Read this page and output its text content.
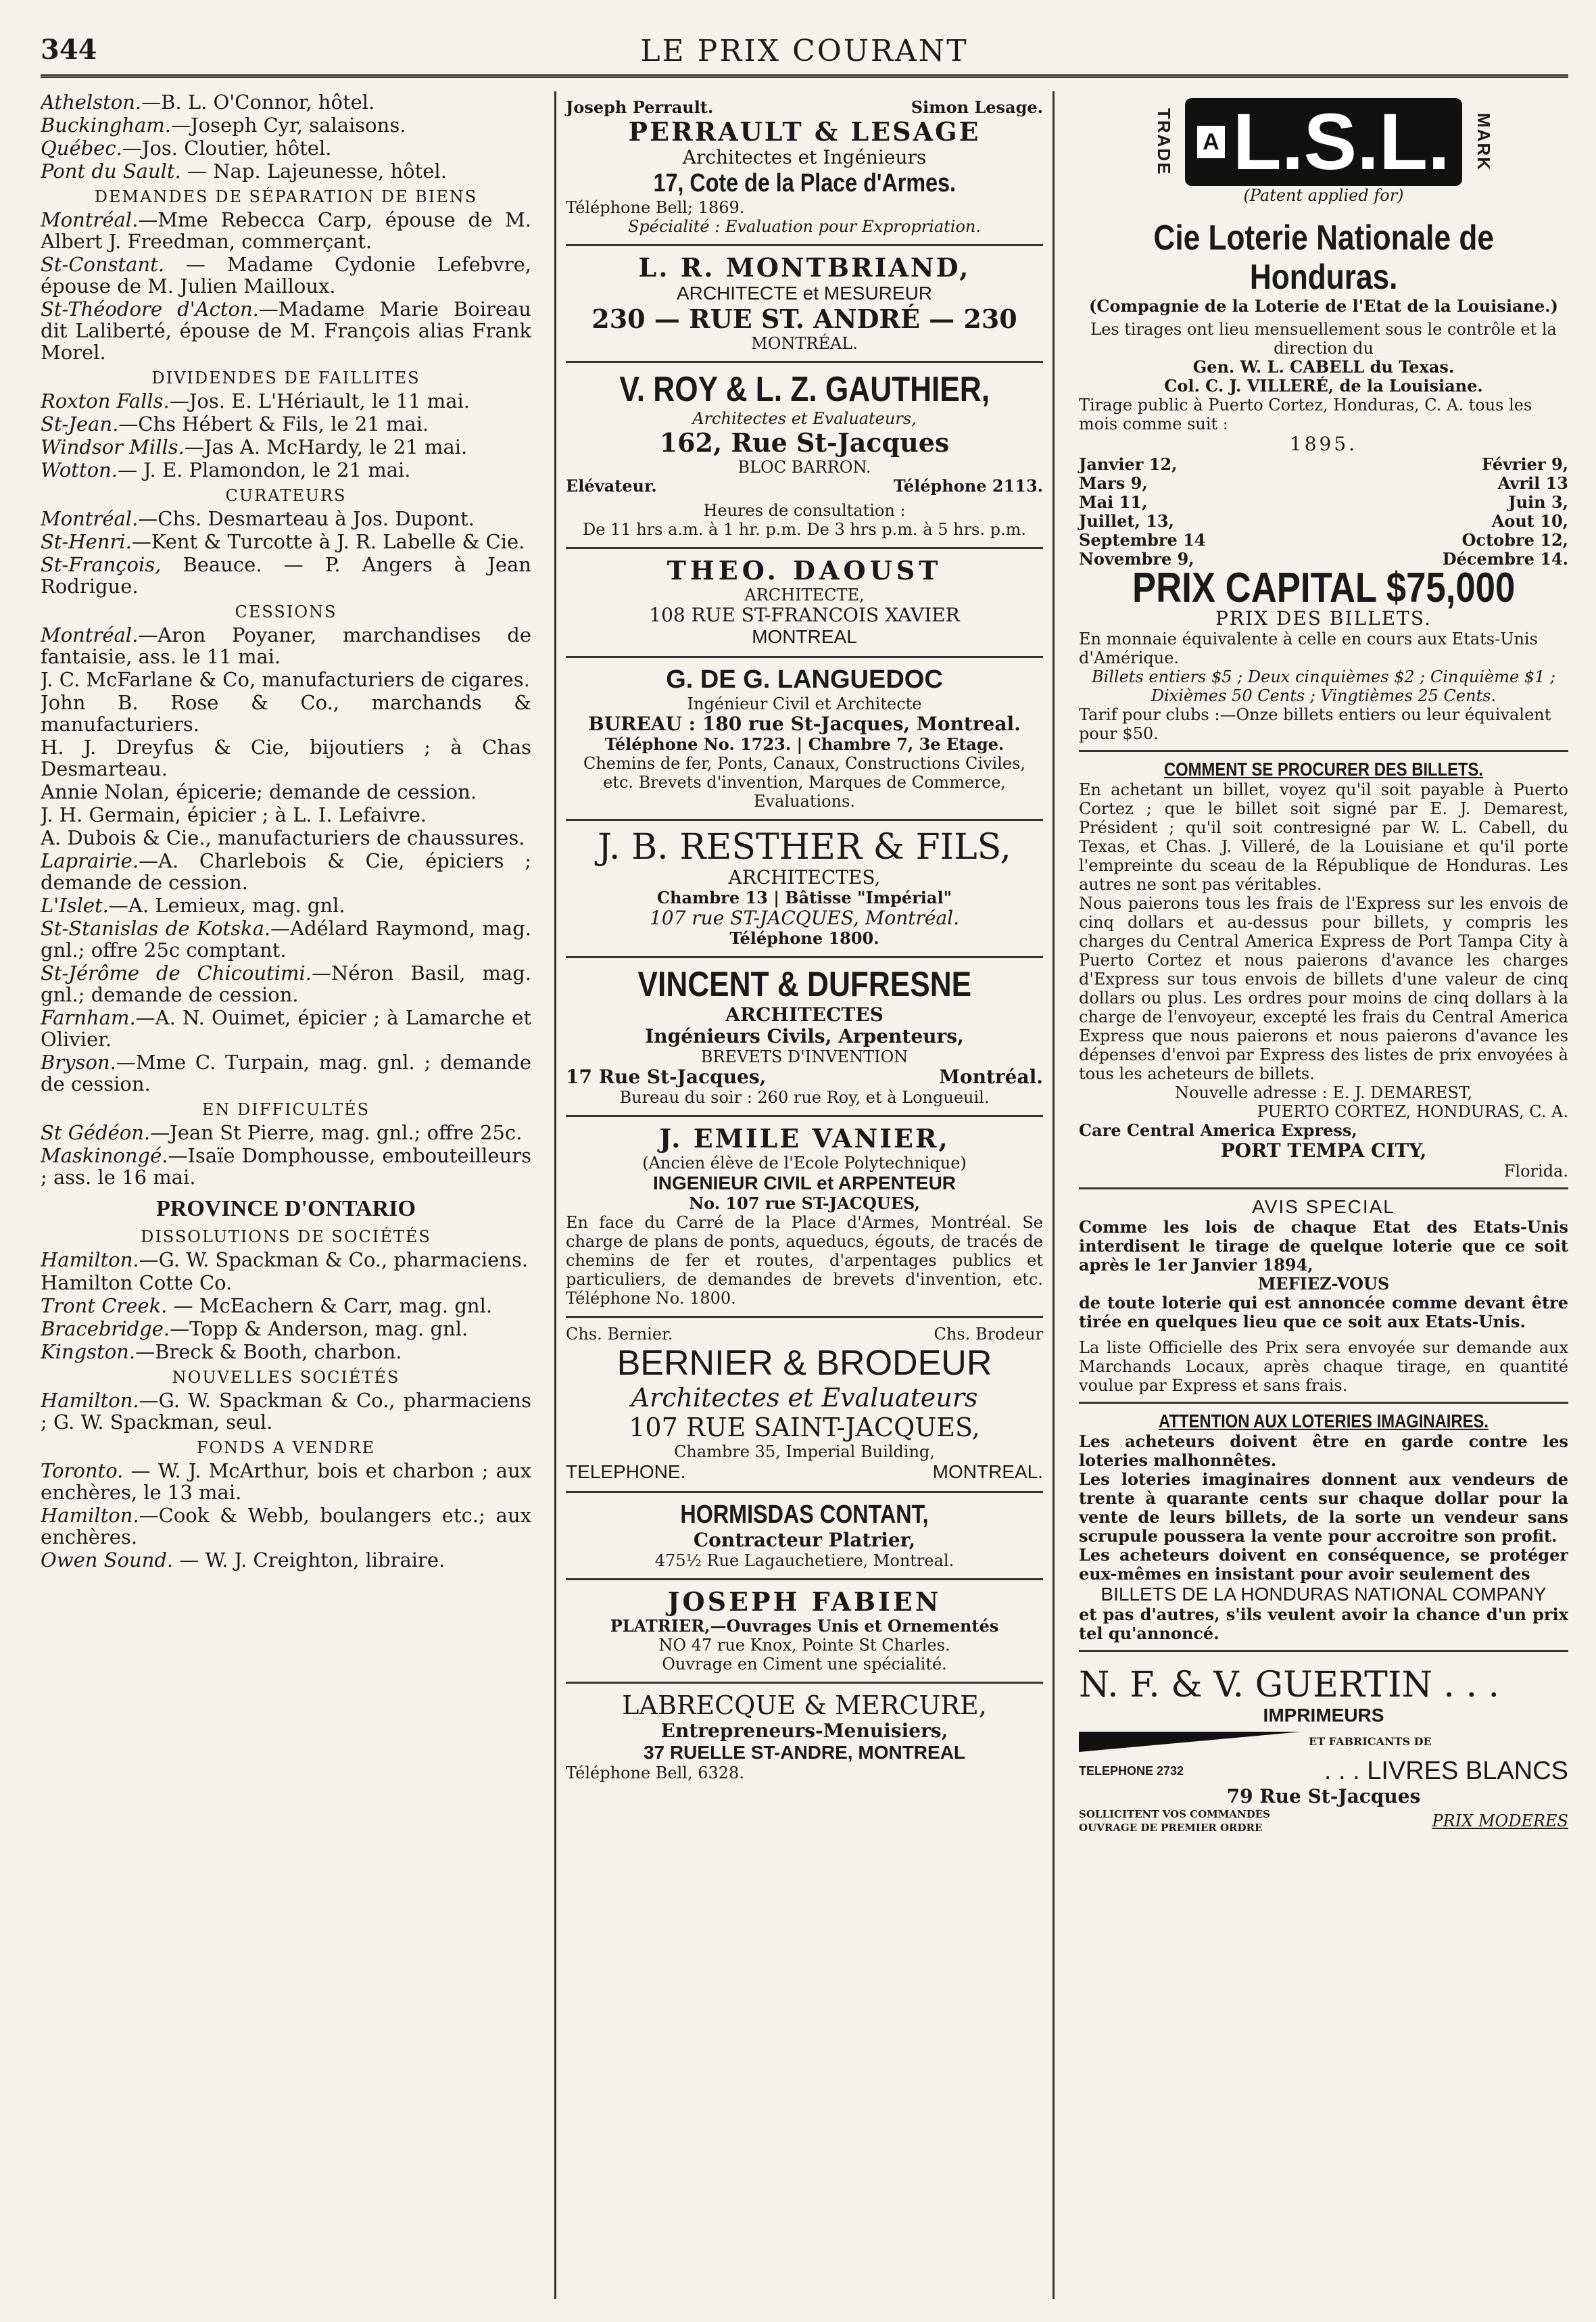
344	LE PRIX COURANT

Athelston.—B. L. O'Connor, hôtel.

Buckingham.—Joseph Cyr, salaisons.

Québec.—Jos. Cloutier, hôtel.

Pont du Sault. — Nap. Lajeunesse, hôtel.

DEMANDES DE SÉPARATION DE BIENS

Montréal.—Mme Rebecca Carp, épouse de M. Albert J. Freedman, commerçant.

St-Constant. — Madame Cydonie Lefebvre, épouse de M. Julien Mailloux.

St-Théodore d'Acton.—Madame Marie Boireau dit Laliberté, épouse de M. François alias Frank Morel.

DIVIDENDES DE FAILLITES

Roxton Falls.—Jos. E. L'Hériault, le 11 mai.

St-Jean.—Chs Hébert & Fils, le 21 mai.

Windsor Mills.—Jas A. McHardy, le 21 mai.

Wotton.— J. E. Plamondon, le 21 mai.

CURATEURS

Montréal.—Chs. Desmarteau à Jos. Dupont.

St-Henri.—Kent & Turcotte à J. R. Labelle & Cie.

St-François, Beauce. — P. Angers à Jean Rodrigue.

CESSIONS

Montréal.—Aron Poyaner, marchandises de fantaisie, ass. le 11 mai.

J. C. McFarlane & Co, manufacturiers de cigares.

John B. Rose & Co., marchands & manufacturiers.

H. J. Dreyfus & Cie, bijoutiers ; à Chas Desmarteau.

Annie Nolan, épicerie; demande de cession.

J. H. Germain, épicier ; à L. I. Lefaivre.

A. Dubois & Cie., manufacturiers de chaussures.

Laprairie.—A. Charlebois & Cie, épiciers ; demande de cession.

L'Islet.—A. Lemieux, mag. gnl.

St-Stanislas de Kotska.—Adélard Raymond, mag. gnl.; offre 25c comptant.

St-Jérôme de Chicoutimi.—Néron Basil, mag. gnl.; demande de cession.

Farnham.—A. N. Ouimet, épicier ; à Lamarche et Olivier.

Bryson.—Mme C. Turpain, mag. gnl. ; demande de cession.

EN DIFFICULTÉS

St Gédéon.—Jean St Pierre, mag. gnl.; offre 25c.

Maskinongé.—Isaïe Domphousse, embouteilleurs ; ass. le 16 mai.

PROVINCE D'ONTARIO

DISSOLUTIONS DE SOCIÉTÉS

Hamilton.—G. W. Spackman & Co., pharmaciens.

Hamilton Cotte Co.

Tront Creek. — McEachern & Carr, mag. gnl.

Bracebridge.—Topp & Anderson, mag. gnl.

Kingston.—Breck & Booth, charbon.

NOUVELLES SOCIÉTÉS

Hamilton.—G. W. Spackman & Co., pharmaciens ; G. W. Spackman, seul.

FONDS A VENDRE

Toronto. — W. J. McArthur, bois et charbon ; aux enchères, le 13 mai.

Hamilton.—Cook & Webb, boulangers etc.; aux enchères.

Owen Sound. — W. J. Creighton, libraire.

Joseph Perrault.	Simon Lesage.

PERRAULT & LESAGE

Architectes et Ingénieurs

17, Cote de la Place d'Armes.

Téléphone Bell; 1869.

Spécialité : Evaluation pour Expropriation.

L. R. MONTBRIAND,

ARCHITECTE et MESUREUR

230 — RUE ST. ANDRÉ — 230

MONTRÉAL.

V. ROY & L. Z. GAUTHIER,

Architectes et Evaluateurs,

162, Rue St-Jacques

BLOC BARRON.

Elévateur.	Téléphone 2113.

Heures de consultation :

De 11 hrs a.m. à 1 hr. p.m. De 3 hrs p.m. à 5 hrs. p.m.

THEO. DAOUST

ARCHITECTE,

108 RUE ST-FRANCOIS XAVIER

MONTREAL

G. DE G. LANGUEDOC

Ingénieur Civil et Architecte

BUREAU : 180 rue St-Jacques, Montreal.

Téléphone No. 1723. | Chambre 7, 3e Etage.

Chemins de fer, Ponts, Canaux, Constructions Civiles, etc. Brevets d'invention, Marques de Commerce, Evaluations.

J. B. RESTHER & FILS,

ARCHITECTES,

Chambre 13 | Bâtisse "Impérial"

107 rue ST-JACQUES, Montréal.

Téléphone 1800.

VINCENT & DUFRESNE

ARCHITECTES

Ingénieurs Civils, Arpenteurs,

BREVETS D'INVENTION

17 Rue St-Jacques,	Montréal.

Bureau du soir : 260 rue Roy, et à Longueuil.

J. EMILE VANIER,

(Ancien élève de l'Ecole Polytechnique)

INGENIEUR CIVIL et ARPENTEUR

No. 107 rue ST-JACQUES,

En face du Carré de la Place d'Armes, Montréal. Se charge de plans de ponts, aqueducs, égouts, de tracés de chemins de fer et routes, d'arpentages publics et particuliers, de demandes de brevets d'invention, etc. Téléphone No. 1800.

Chs. Bernier.	Chs. Brodeur

BERNIER & BRODEUR

Architectes et Evaluateurs

107 RUE SAINT-JACQUES,

Chambre 35, Imperial Building,

TELEPHONE.	MONTREAL.

HORMISDAS CONTANT,

Contracteur Platrier,

475½ Rue Lagauchetiere, Montreal.

JOSEPH FABIEN

PLATRIER,—Ouvrages Unis et Ornementés

NO 47 rue Knox, Pointe St Charles.

Ouvrage en Ciment une spécialité.

LABRECQUE & MERCURE,

Entrepreneurs-Menuisiers,

37 RUELLE ST-ANDRE, MONTREAL

Téléphone Bell, 6328.

TRADE A L.S.L. MARK

(Patent applied for)

Cie Loterie Nationale de Honduras.

(Compagnie de la Loterie de l'Etat de la Louisiane.)

Les tirages ont lieu mensuellement sous le contrôle et la direction du

Gen. W. L. CABELL du Texas.

Col. C. J. VILLERÉ, de la Louisiane.

Tirage public à Puerto Cortez, Honduras, C. A. tous les mois comme suit :

1895.

Janvier 12,	Février 9,
Mars 9,	Avril 13
Mai 11,	Juin 3,
Juillet, 13,	Aout 10,
Septembre 14	Octobre 12,
Novembre 9,	Décembre 14.

PRIX CAPITAL $75,000

PRIX DES BILLETS.

En monnaie équivalente à celle en cours aux Etats-Unis d'Amérique.

Billets entiers $5 ; Deux cinquièmes $2 ; Cinquième $1 ; Dixièmes 50 Cents ; Vingtièmes 25 Cents.

Tarif pour clubs :—Onze billets entiers ou leur équivalent pour $50.

COMMENT SE PROCURER DES BILLETS.

En achetant un billet, voyez qu'il soit payable à Puerto Cortez ; que le billet soit signé par E. J. Demarest, Président ; qu'il soit contresigné par W. L. Cabell, du Texas, et Chas. J. Villeré, de la Louisiane et qu'il porte l'empreinte du sceau de la République de Honduras. Les autres ne sont pas véritables.

Nous paierons tous les frais de l'Express sur les envois de cinq dollars et au-dessus pour billets, y compris les charges du Central America Express de Port Tampa City à Puerto Cortez et nous paierons d'avance les charges d'Express sur tous envois de billets d'une valeur de cinq dollars ou plus. Les ordres pour moins de cinq dollars à la charge de l'envoyeur, excepté les frais du Central America Express que nous paierons et nous paierons d'avance les dépenses d'envoi par Express des listes de prix envoyées à tous les acheteurs de billets.

Nouvelle adresse : E. J. DEMAREST,

PUERTO CORTEZ, HONDURAS, C. A.

Care Central America Express,

PORT TEMPA CITY,

Florida.

AVIS SPECIAL

Comme les lois de chaque Etat des Etats-Unis interdisent le tirage de quelque loterie que ce soit après le 1er Janvier 1894,

MEFIEZ-VOUS

de toute loterie qui est annoncée comme devant être tirée en quelques lieu que ce soit aux Etats-Unis.

La liste Officielle des Prix sera envoyée sur demande aux Marchands Locaux, après chaque tirage, en quantité voulue par Express et sans frais.

ATTENTION AUX LOTERIES IMAGINAIRES.

Les acheteurs doivent être en garde contre les loteries malhonnêtes.

Les loteries imaginaires donnent aux vendeurs de trente à quarante cents sur chaque dollar pour la vente de leurs billets, de la sorte un vendeur sans scrupule poussera la vente pour accroitre son profit.

Les acheteurs doivent en conséquence, se protéger eux-mêmes en insistant pour avoir seulement des

BILLETS DE LA HONDURAS NATIONAL COMPANY

et pas d'autres, s'ils veulent avoir la chance d'un prix tel qu'annoncé.

N. F. & V. GUERTIN . . .

IMPRIMEURS

ET FABRICANTS DE
TELEPHONE 2732	. . . LIVRES BLANCS

79 Rue St-Jacques

SOLLICITENT VOS COMMANDES

OUVRAGE DE PREMIER ORDRE	PRIX MODERES
